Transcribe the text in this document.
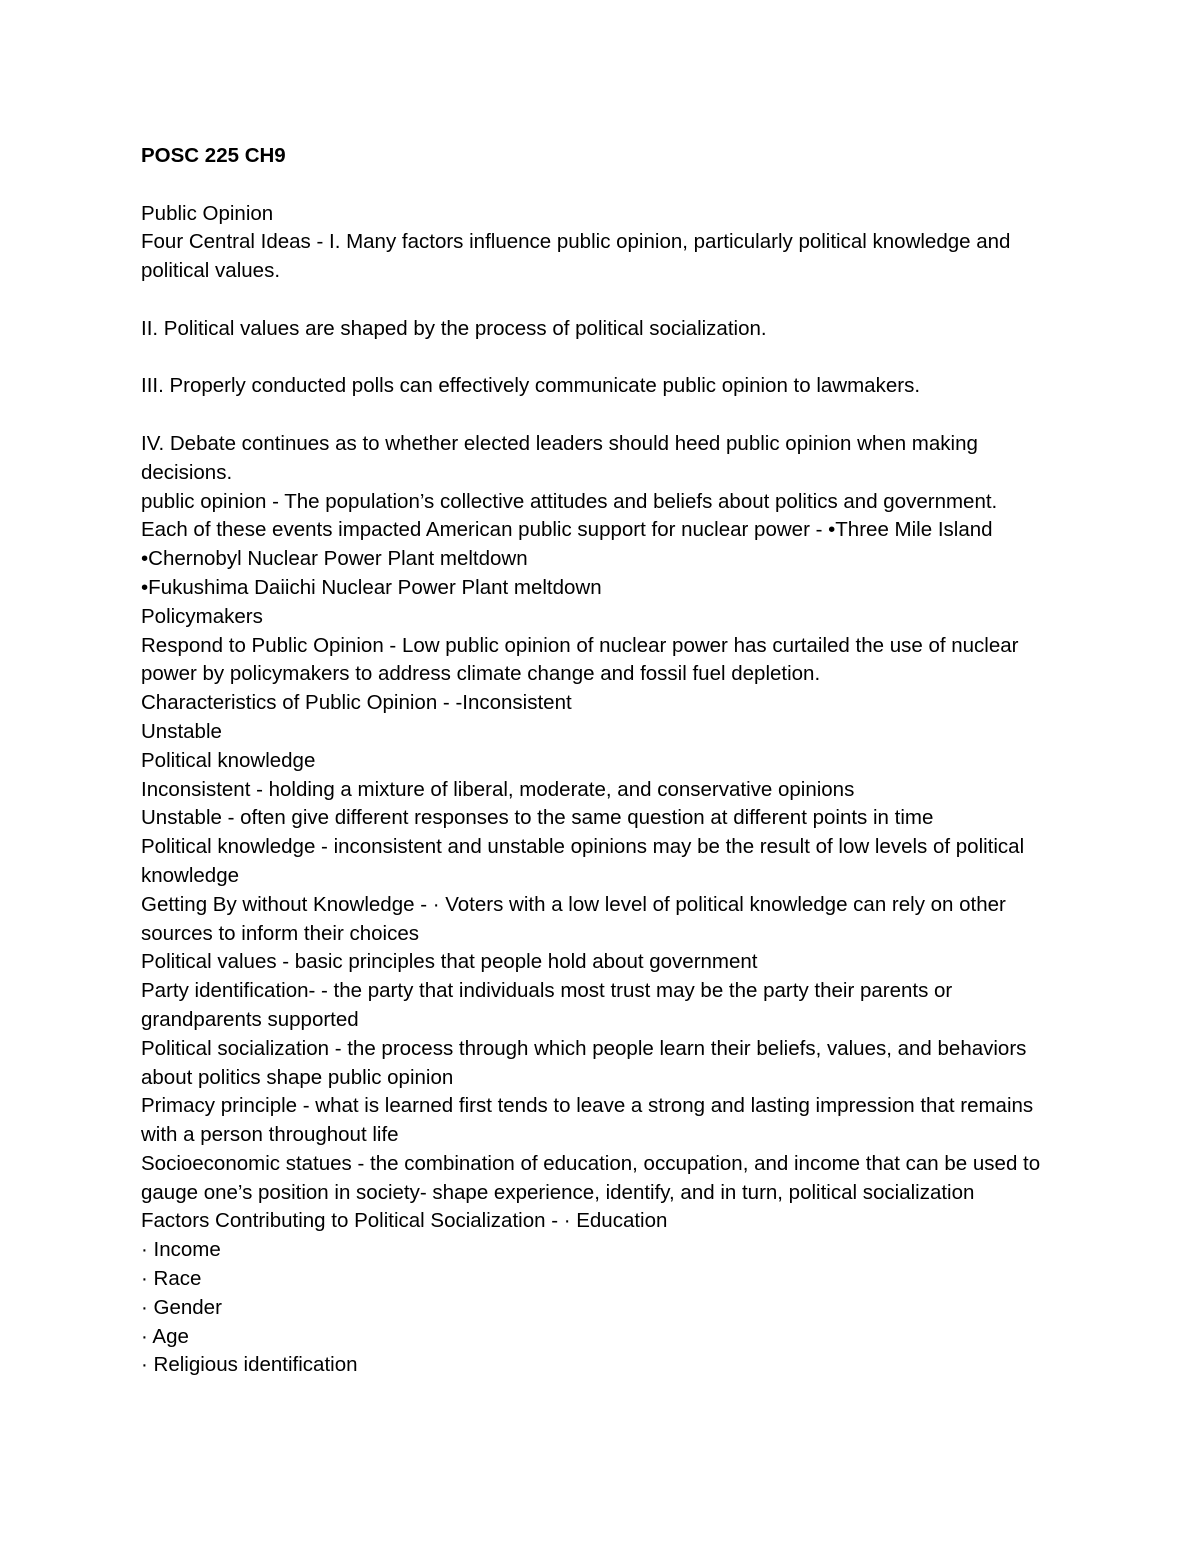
POSC 225 CH9
Public Opinion
Four Central Ideas - I. Many factors influence public opinion, particularly political knowledge and political values.
II. Political values are shaped by the process of political socialization.
III. Properly conducted polls can effectively communicate public opinion to lawmakers.
IV. Debate continues as to whether elected leaders should heed public opinion when making decisions.
public opinion - The population’s collective attitudes and beliefs about politics and government.
Each of these events impacted American public support for nuclear power - •Three Mile Island
•Chernobyl Nuclear Power Plant meltdown
•Fukushima Daiichi Nuclear Power Plant meltdown
Policymakers
Respond to Public Opinion - Low public opinion of nuclear power has curtailed the use of nuclear power by policymakers to address climate change and fossil fuel depletion.
Characteristics of Public Opinion - -Inconsistent
Unstable
Political knowledge
Inconsistent - holding a mixture of liberal, moderate, and conservative opinions
Unstable - often give different responses to the same question at different points in time
Political knowledge - inconsistent and unstable opinions may be the result of low levels of political knowledge
Getting By without Knowledge - · Voters with a low level of political knowledge can rely on other sources to inform their choices
Political values - basic principles that people hold about government
Party identification- - the party that individuals most trust may be the party their parents or grandparents supported
Political socialization - the process through which people learn their beliefs, values, and behaviors about politics shape public opinion
Primacy principle - what is learned first tends to leave a strong and lasting impression that remains with a person throughout life
Socioeconomic statues - the combination of education, occupation, and income that can be used to gauge one’s position in society- shape experience, identify, and in turn, political socialization
Factors Contributing to Political Socialization - · Education
· Income
· Race
· Gender
· Age
· Religious identification
